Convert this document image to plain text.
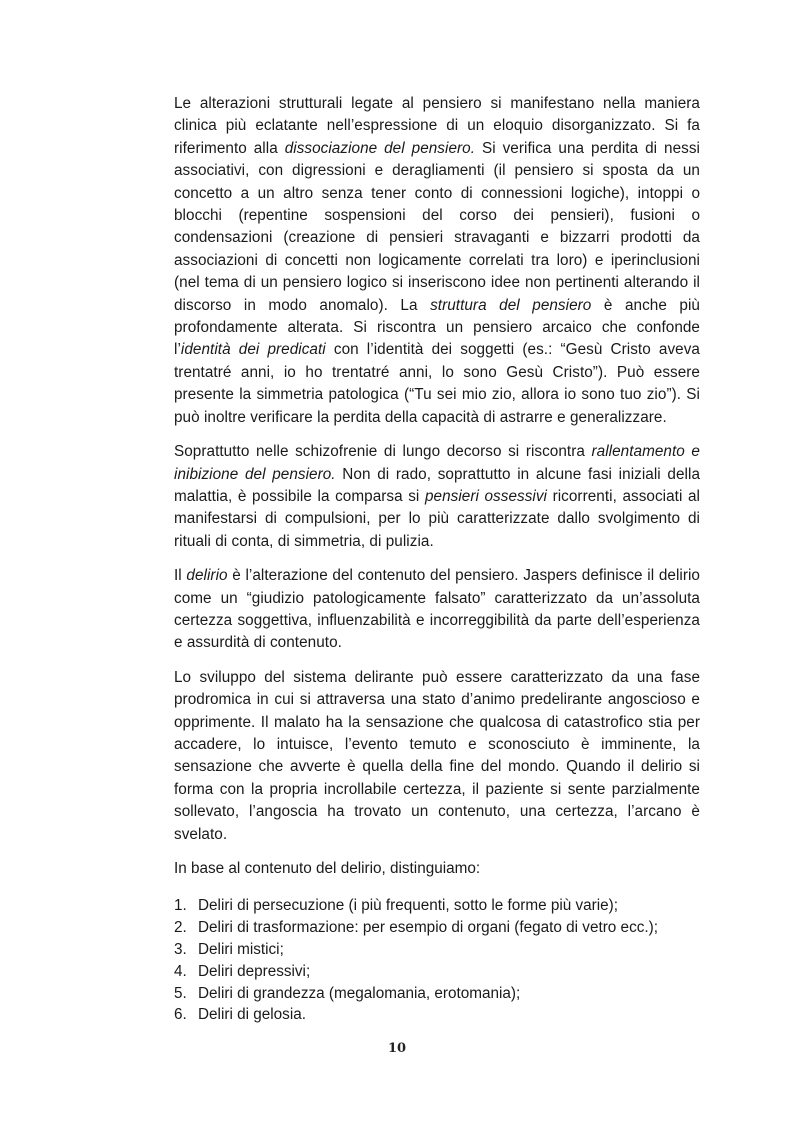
Le alterazioni strutturali legate al pensiero si manifestano nella maniera clinica più eclatante nell’espressione di un eloquio disorganizzato. Si fa riferimento alla dissociazione del pensiero. Si verifica una perdita di nessi associativi, con digressioni e deragliamenti (il pensiero si sposta da un concetto a un altro senza tener conto di connessioni logiche), intoppi o blocchi (repentine sospensioni del corso dei pensieri), fusioni o condensazioni (creazione di pensieri stravaganti e bizzarri prodotti da associazioni di concetti non logicamente correlati tra loro) e iperinclusioni (nel tema di un pensiero logico si inseriscono idee non pertinenti alterando il discorso in modo anomalo). La struttura del pensiero è anche più profondamente alterata. Si riscontra un pensiero arcaico che confonde l’identità dei predicati con l’identità dei soggetti (es.: “Gesù Cristo aveva trentatré anni, io ho trentatré anni, lo sono Gesù Cristo”). Può essere presente la simmetria patologica (“Tu sei mio zio, allora io sono tuo zio”). Si può inoltre verificare la perdita della capacità di astrarre e generalizzare.

Soprattutto nelle schizofrenie di lungo decorso si riscontra rallentamento e inibizione del pensiero. Non di rado, soprattutto in alcune fasi iniziali della malattia, è possibile la comparsa si pensieri ossessivi ricorrenti, associati al manifestarsi di compulsioni, per lo più caratterizzate dallo svolgimento di rituali di conta, di simmetria, di pulizia.

Il delirio è l’alterazione del contenuto del pensiero. Jaspers definisce il delirio come un “giudizio patologicamente falsato” caratterizzato da un’assoluta certezza soggettiva, influenzabilità e incorreggibilità da parte dell’esperienza e assurdità di contenuto.

Lo sviluppo del sistema delirante può essere caratterizzato da una fase prodromica in cui si attraversa una stato d’animo predelirante angoscioso e opprimente. Il malato ha la sensazione che qualcosa di catastrofico stia per accadere, lo intuisce, l’evento temuto e sconosciuto è imminente, la sensazione che avverte è quella della fine del mondo. Quando il delirio si forma con la propria incrollabile certezza, il paziente si sente parzialmente sollevato, l’angoscia ha trovato un contenuto, una certezza, l’arcano è svelato.

In base al contenuto del delirio, distinguiamo:

1. Deliri di persecuzione (i più frequenti, sotto le forme più varie);
2. Deliri di trasformazione: per esempio di organi (fegato di vetro ecc.);
3. Deliri mistici;
4. Deliri depressivi;
5. Deliri di grandezza (megalomania, erotomania);
6. Deliri di gelosia.
10
